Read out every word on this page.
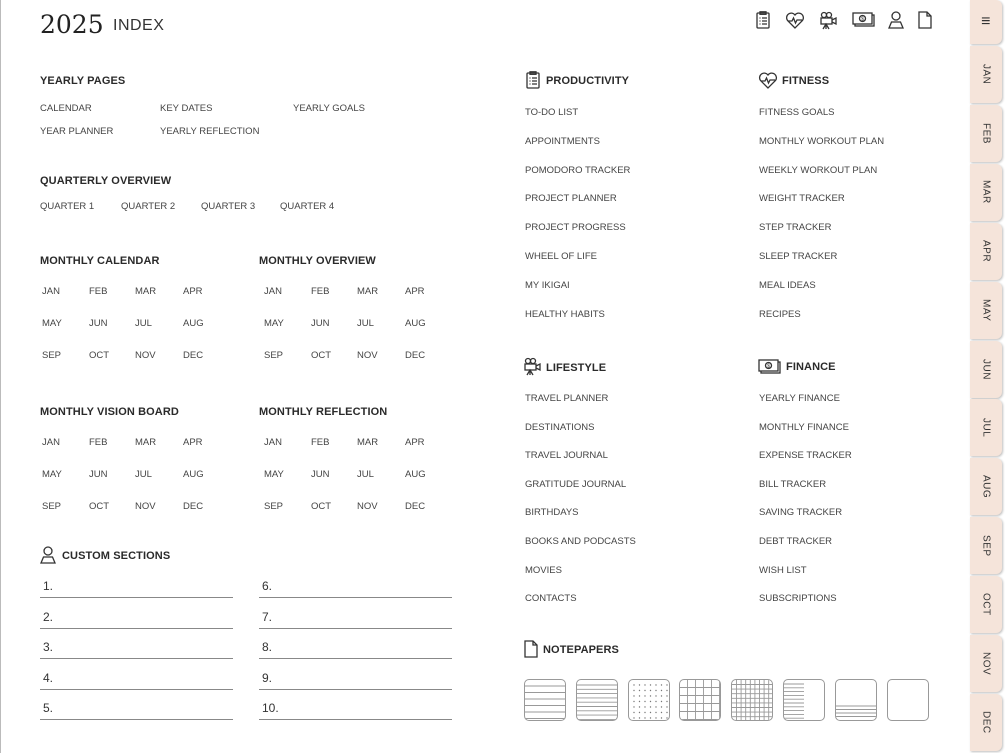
2025 INDEX
YEARLY PAGES
QUARTERLY OVERVIEW
MONTHLY CALENDAR	MONTHLY OVERVIEW
MONTHLY VISION BOARD	MONTHLY REFLECTION
CUSTOM SECTIONS
PRODUCTIVITY	FITNESS
LIFESTYLE	FINANCE
NOTEPAPERS
CALENDAR	KEY DATES	YEARLY GOALS
YEAR PLANNER	YEARLY REFLECTION
QUARTER 1	QUARTER 2	QUARTER 3	QUARTER 4
JAN	FEB	MAR	APR
MAY	JUN	JUL	AUG
SEP	OCT	NOV	DEC
JAN	FEB	MAR	APR
MAY	JUN	JUL	AUG
SEP	OCT	NOV	DEC
JAN	FEB	MAR	APR
MAY	JUN	JUL	AUG
SEP	OCT	NOV	DEC
JAN	FEB	MAR	APR
MAY	JUN	JUL	AUG
SEP	OCT	NOV	DEC
1.
2.
3.
4.
5.
6.
7.
8.
9.
10.
TO-DO LIST
APPOINTMENTS
POMODORO TRACKER
PROJECT PLANNER
PROJECT PROGRESS
WHEEL OF LIFE
MY IKIGAI
HEALTHY HABITS
FITNESS GOALS
MONTHLY WORKOUT PLAN
WEEKLY WORKOUT PLAN
WEIGHT TRACKER
STEP TRACKER
SLEEP TRACKER
MEAL IDEAS
RECIPES
TRAVEL PLANNER
DESTINATIONS
TRAVEL JOURNAL
GRATITUDE JOURNAL
BIRTHDAYS
BOOKS AND PODCASTS
MOVIES
CONTACTS
YEARLY FINANCE
MONTHLY FINANCE
EXPENSE TRACKER
BILL TRACKER
SAVING TRACKER
DEBT TRACKER
WISH LIST
SUBSCRIPTIONS
$
$
≡
JAN
FEB
MAR
APR
MAY
JUN
JUL
AUG
SEP
OCT
NOV
DEC
